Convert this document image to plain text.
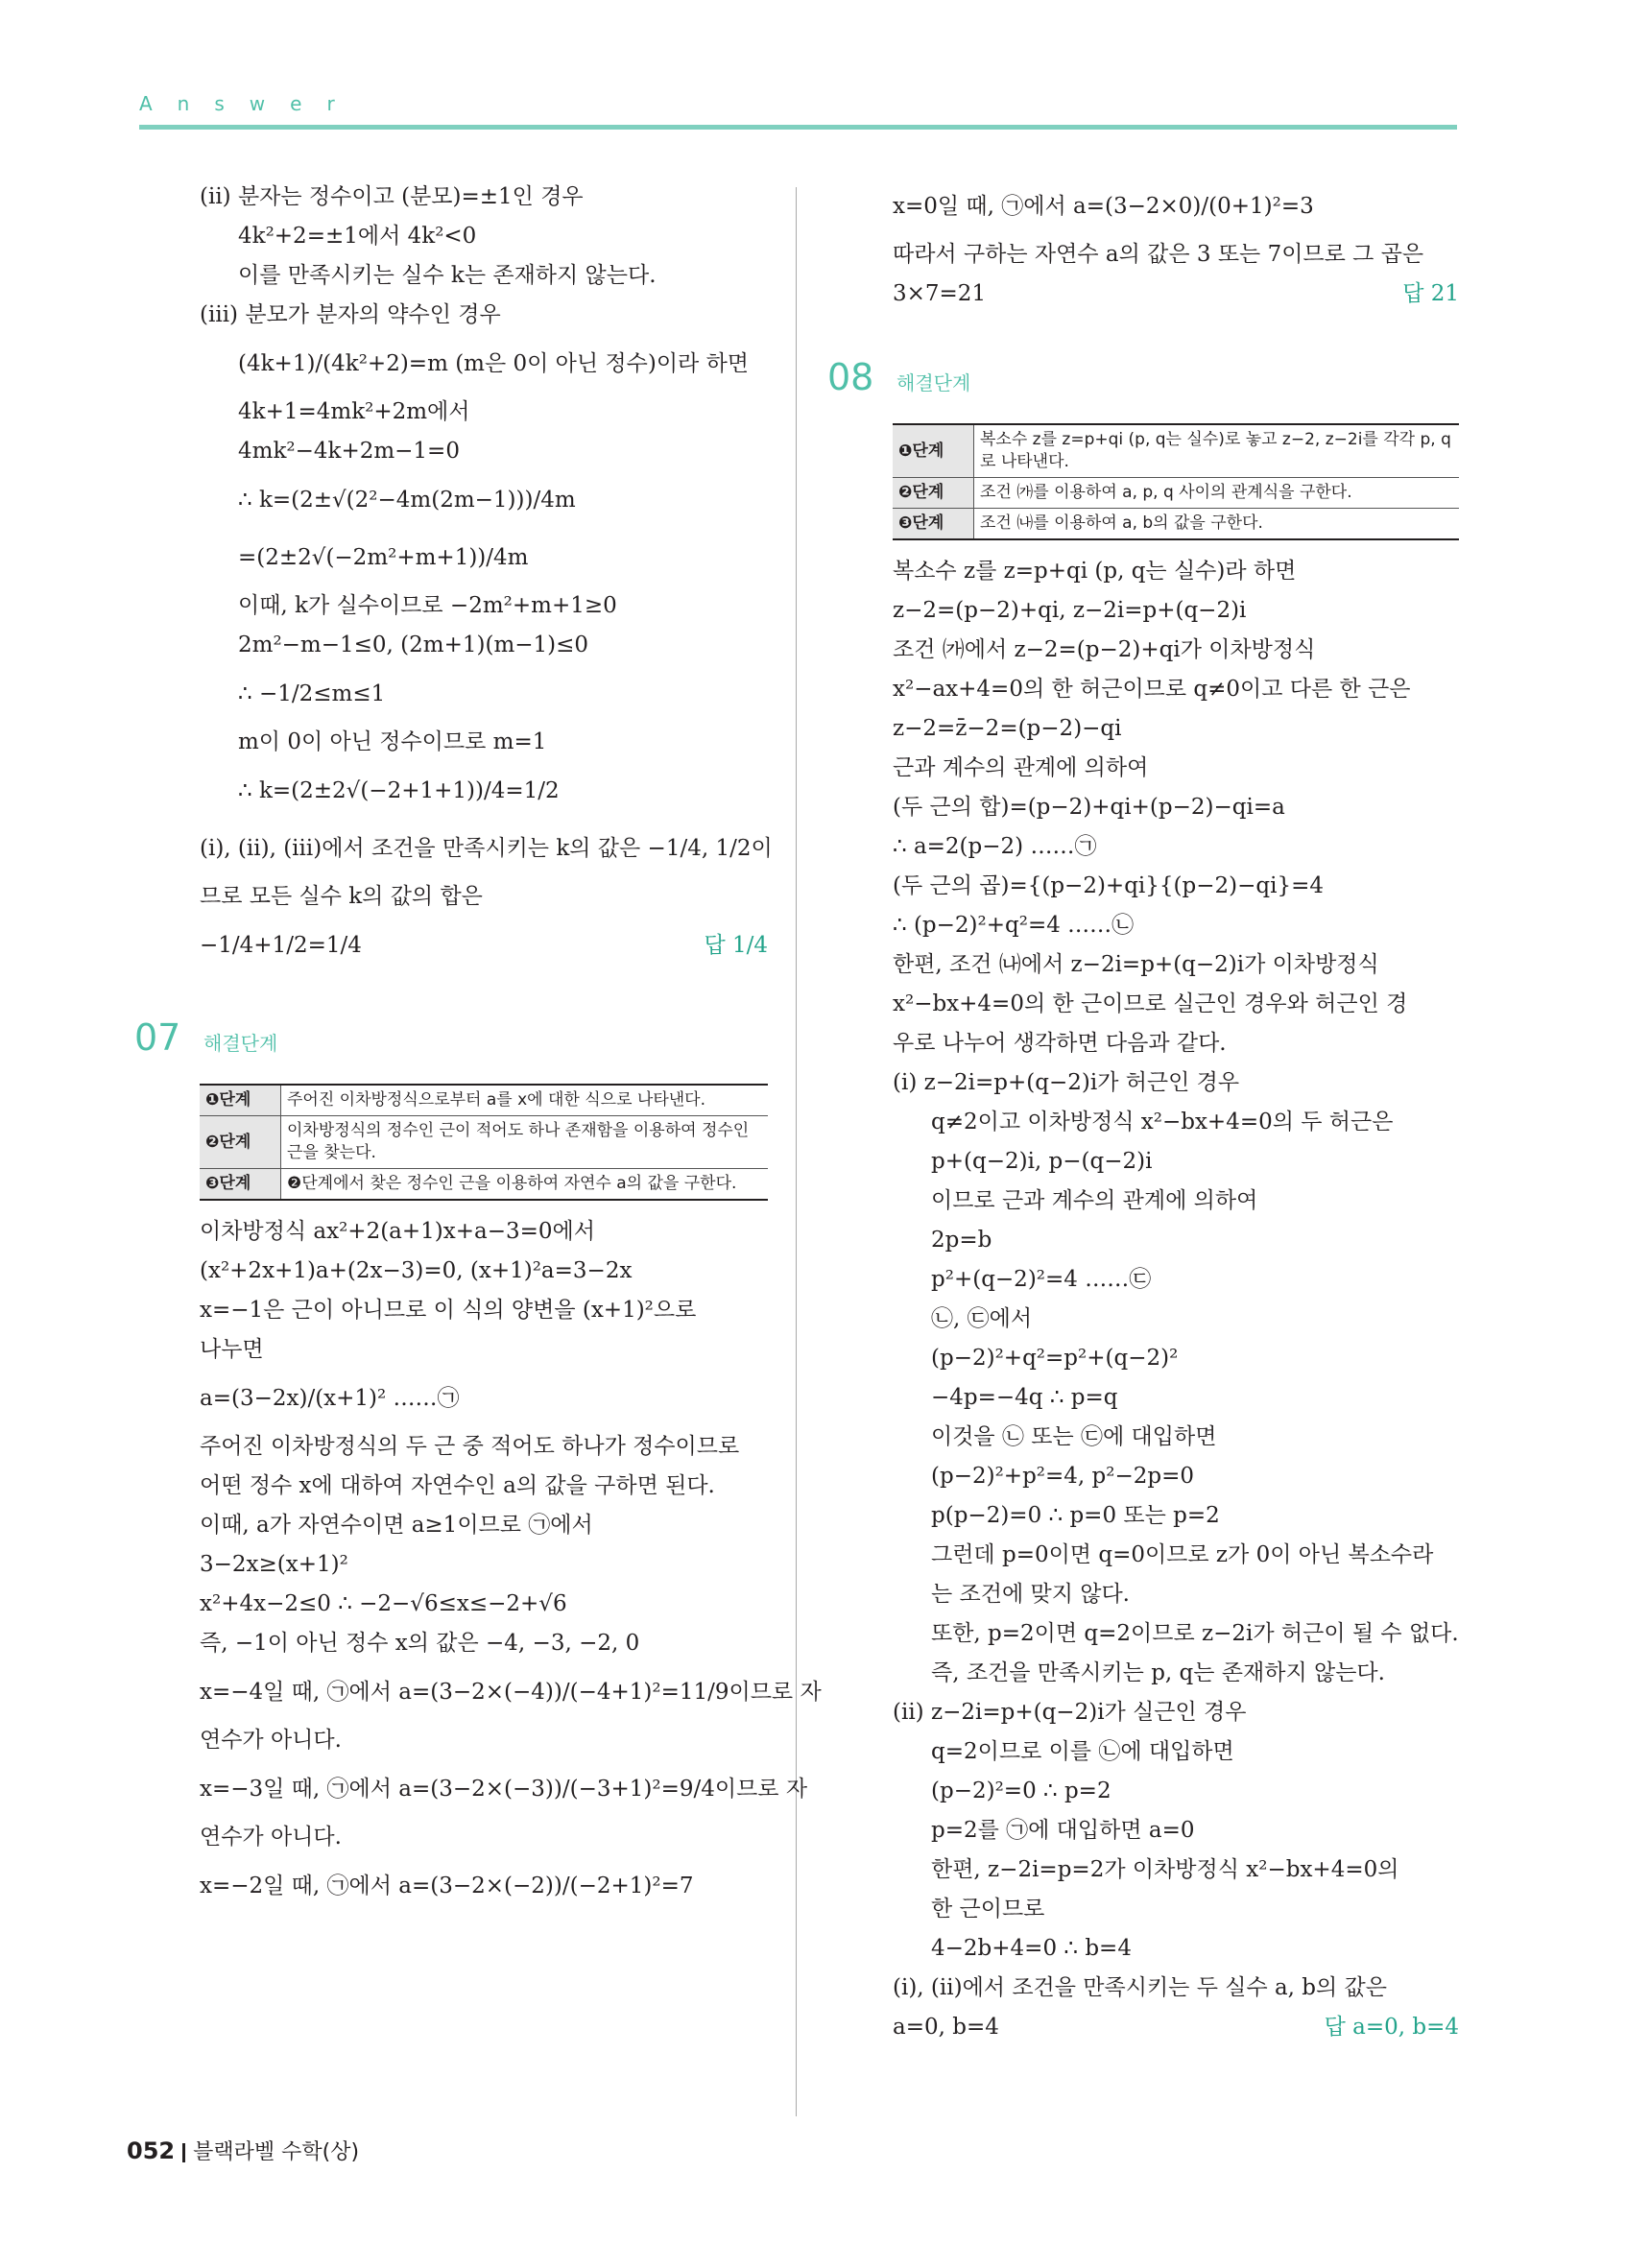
Answer
(ⅱ) 분자는 정수이고 (분모)=±1인 경우
4k²+2=±1에서 4k²<0
이를 만족시키는 실수 k는 존재하지 않는다.
(ⅲ) 분모가 분자의 약수인 경우
(4k+1)/(4k²+2)=m (m은 0이 아닌 정수)이라 하면
4k+1=4mk²+2m에서
4mk²−4k+2m−1=0
∴ k=(2±√(2²−4m(2m−1)))/4m
=(2±2√(−2m²+m+1))/4m
이때, k가 실수이므로 −2m²+m+1≥0
2m²−m−1≤0, (2m+1)(m−1)≤0
∴ −1/2≤m≤1
m이 0이 아닌 정수이므로 m=1
∴ k=(2±2√(−2+1+1))/4=1/2
(ⅰ), (ⅱ), (ⅲ)에서 조건을 만족시키는 k의 값은 −1/4, 1/2이
므로 모든 실수 k의 값의 합은
−1/4+1/2=1/4	답 1/4
07 해결단계
❶단계	주어진 이차방정식으로부터 a를 x에 대한 식으로 나타낸다.
❷단계	이차방정식의 정수인 근이 적어도 하나 존재함을 이용하여 정수인 근을 찾는다.
❸단계	❷단계에서 찾은 정수인 근을 이용하여 자연수 a의 값을 구한다.
이차방정식 ax²+2(a+1)x+a−3=0에서
(x²+2x+1)a+(2x−3)=0, (x+1)²a=3−2x
x=−1은 근이 아니므로 이 식의 양변을 (x+1)²으로
나누면
a=(3−2x)/(x+1)² ……㉠
주어진 이차방정식의 두 근 중 적어도 하나가 정수이므로
어떤 정수 x에 대하여 자연수인 a의 값을 구하면 된다.
이때, a가 자연수이면 a≥1이므로 ㉠에서
3−2x≥(x+1)²
x²+4x−2≤0 ∴ −2−√6≤x≤−2+√6
즉, −1이 아닌 정수 x의 값은 −4, −3, −2, 0
x=−4일 때, ㉠에서 a=(3−2×(−4))/(−4+1)²=11/9이므로 자
연수가 아니다.
x=−3일 때, ㉠에서 a=(3−2×(−3))/(−3+1)²=9/4이므로 자
연수가 아니다.
x=−2일 때, ㉠에서 a=(3−2×(−2))/(−2+1)²=7
x=0일 때, ㉠에서 a=(3−2×0)/(0+1)²=3
따라서 구하는 자연수 a의 값은 3 또는 7이므로 그 곱은
3×7=21	답 21
08 해결단계
❶단계	복소수 z를 z=p+qi (p, q는 실수)로 놓고 z−2, z−2i를 각각 p, q로 나타낸다.
❷단계	조건 ㈎를 이용하여 a, p, q 사이의 관계식을 구한다.
❸단계	조건 ㈏를 이용하여 a, b의 값을 구한다.
복소수 z를 z=p+qi (p, q는 실수)라 하면
z−2=(p−2)+qi, z−2i=p+(q−2)i
조건 ㈎에서 z−2=(p−2)+qi가 이차방정식
x²−ax+4=0의 한 허근이므로 q≠0이고 다른 한 근은
z−2=z̄−2=(p−2)−qi
근과 계수의 관계에 의하여
(두 근의 합)=(p−2)+qi+(p−2)−qi=a
∴ a=2(p−2) ……㉠
(두 근의 곱)={(p−2)+qi}{(p−2)−qi}=4
∴ (p−2)²+q²=4 ……㉡
한편, 조건 ㈏에서 z−2i=p+(q−2)i가 이차방정식
x²−bx+4=0의 한 근이므로 실근인 경우와 허근인 경
우로 나누어 생각하면 다음과 같다.
(ⅰ) z−2i=p+(q−2)i가 허근인 경우
q≠2이고 이차방정식 x²−bx+4=0의 두 허근은
p+(q−2)i, p−(q−2)i
이므로 근과 계수의 관계에 의하여
2p=b
p²+(q−2)²=4 ……㉢
㉡, ㉢에서
(p−2)²+q²=p²+(q−2)²
−4p=−4q ∴ p=q
이것을 ㉡ 또는 ㉢에 대입하면
(p−2)²+p²=4, p²−2p=0
p(p−2)=0 ∴ p=0 또는 p=2
그런데 p=0이면 q=0이므로 z가 0이 아닌 복소수라
는 조건에 맞지 않다.
또한, p=2이면 q=2이므로 z−2i가 허근이 될 수 없다.
즉, 조건을 만족시키는 p, q는 존재하지 않는다.
(ⅱ) z−2i=p+(q−2)i가 실근인 경우
q=2이므로 이를 ㉡에 대입하면
(p−2)²=0 ∴ p=2
p=2를 ㉠에 대입하면 a=0
한편, z−2i=p=2가 이차방정식 x²−bx+4=0의
한 근이므로
4−2b+4=0 ∴ b=4
(ⅰ), (ⅱ)에서 조건을 만족시키는 두 실수 a, b의 값은
a=0, b=4	답 a=0, b=4
052 블랙라벨 수학(상)
